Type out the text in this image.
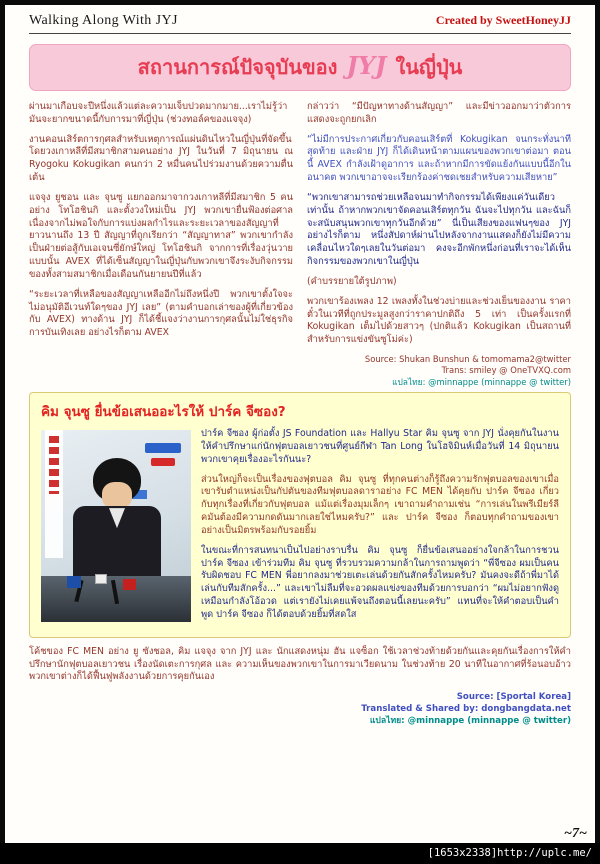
Walking Along With JYJ	Created by SweetHoneyJJ
สถานการณ์ปัจจุบันของ JYJ ในญี่ปุ่น

ผ่านมาเกือบจะปีหนึ่งแล้วแต่ละความเจ็บปวดมากมาย...เราไม่รู้ว่ามันจะยากขนาดนี้กับการมาที่ญี่ปุ่น (ช่วงทอล์คของแจจุง)

งานคอนเสิร์ตการกุศลสำหรับเหตุการณ์แผ่นดินไหวในญี่ปุ่นที่จัดขึ้นโดยวงเกาหลีที่มีสมาชิกสามคนอย่าง JYJ ในวันที่ 7 มิถุนายน ณ Ryogoku Kokugikan คนกว่า 2 หมื่นคนไปร่วมงานด้วยความตื่นเต้น

แจจุง ยูชอน และ จุนซู แยกออกมาจากวงเกาหลีที่มีสมาชิก 5 คนอย่าง โทโฮชินกิ และตั้งวงใหม่เป็น JYJ พวกเขายื่นฟ้องต่อศาลเนื่องจากไม่พอใจกับการแบ่งผลกำไรและระยะเวลาของสัญญาที่ยาวนานถึง 13 ปี สัญญาที่ถูกเรียกว่า “สัญญาทาส” พวกเขากำลังเป็นฝ่ายต่อสู้กับเอเจนซี่ยักษ์ใหญ่ โทโฮชินกิ จากการที่เรื่องวุ่นวายแบบนั้น AVEX ที่ได้เซ็นสัญญาในญี่ปุ่นกับพวกเขาจึงระงับกิจกรรมของทั้งสามสมาชิกเมื่อเดือนกันยายนปีที่แล้ว

“ระยะเวลาที่เหลือของสัญญาเหลืออีกไม่ถึงหนึ่งปี พวกเขาตั้งใจจะไม่อนุมัติอีเวนท์ใดๆของ JYJ เลย” (ตามคำบอกเล่าของผู้ที่เกี่ยวข้องกับ AVEX) ทางด้าน JYJ ก็ได้ชี้แจงว่างานการกุศลนั้นไม่ใช่ธุรกิจการบันเทิงเลย อย่างไรก็ตาม AVEX

กล่าวว่า “มีปัญหาทางด้านสัญญา” และมีข่าวออกมาว่าตัวการแสดงจะถูกยกเลิก

“ไม่มีการประกาศเกี่ยวกับคอนเสิร์ตที่ Kokugikan จนกระทั่งนาทีสุดท้าย และฝ่าย JYJ ก็ได้เดินหน้าตามแผนของพวกเขาต่อมา ตอนนี้ AVEX กำลังเฝ้าดูอาการ และถ้าหากมีการขัดแย้งกันแบบนี้อีกในอนาคต พวกเขาอาจจะเรียกร้องค่าชดเชยสำหรับความเสียหาย”

“พวกเขาสามารถช่วยเหลือจนมาทำกิจกรรมได้เพียงแค่วันเดียวเท่านั้น ถ้าหากพวกเขาจัดคอนเสิร์ตทุกวัน ฉันจะไปทุกวัน และฉันก็จะสนับสนุนพวกเขาทุกวันอีกด้วย” นี่เป็นเสียงของแฟนๆของ JYJ อย่างไรก็ตาม หนึ่งสัปดาห์ผ่านไปหลังจากงานแสดงก็ยังไม่มีความเคลื่อนไหวใดๆเลยในวันต่อมา คงจะอีกพักหนึ่งก่อนที่เราจะได้เห็นกิจกรรมของพวกเขาในญี่ปุ่น

(คำบรรยายใต้รูปภาพ)

พวกเขาร้องเพลง 12 เพลงทั้งในช่วงบ่ายและช่วงเย็นของงาน ราคาตั๋วในเวทีที่ถูกประมูลสูงกว่าราคาปกติถึง 5 เท่า เป็นครั้งแรกที่ Kokugikan เต็มไปด้วยสาวๆ (ปกติแล้ว Kokugikan เป็นสถานที่สำหรับการแข่งขันซูโม่ค่ะ)

Source: Shukan Bunshun & tomomama2@twitter
Trans: smiley @ OneTVXQ.com
แปลไทย: @minnappe (minnappe @ twitter)
คิม จุนซู ยื่นข้อเสนออะไรให้ ปาร์ค จีซอง?

ปาร์ค จีซอง ผู้ก่อตั้ง JS Foundation และ Hallyu Star คิม จุนซู จาก JYJ นั่งคุยกันในงานให้คำปรึกษาแก่นักฟุตบอลเยาวชนที่ศูนย์กีฬา Tan Long ในโฮจิมินห์เมื่อวันที่ 14 มิถุนายน พวกเขาคุยเรื่องอะไรกันนะ?

ส่วนใหญ่ก็จะเป็นเรื่องของฟุตบอล คิม จุนซู ที่ทุกคนต่างก็รู้ถึงความรักฟุตบอลของเขาเมื่อเขารับตำแหน่งเป็นกัปตันของทีมฟุตบอลดาราอย่าง FC MEN ได้คุยกับ ปาร์ค จีซอง เกี่ยวกับทุกเรื่องที่เกี่ยวกับฟุตบอล แม้แต่เรื่องมุมเล็กๆ เขาถามคำถามเช่น “การเล่นในพรีเมียร์ลีคมันต้องมีความกดดันมากเลยใช่ไหมครับ?” และ ปาร์ค จีซอง ก็ตอบทุกคำถามของเขาอย่างเป็นมิตรพร้อมกับรอยยิ้ม

ในขณะที่การสนทนาเป็นไปอย่างราบรื่น คิม จุนซู ก็ยื่นข้อเสนออย่างใจกล้าในการชวน ปาร์ค จีซอง เข้าร่วมทีม คิม จุนซู ที่รวบรวมความกล้าในการถามพูดว่า “พี่จีซอง ผมเป็นคนรับผิดชอบ FC MEN พี่อยากลงมาช่วยเตะเล่นด้วยกันสักครั้งไหมครับ? มันคงจะดีถ้าพี่มาได้เล่นกับทีมสักครั้ง...” และเขาไม่ลืมที่จะอวดผลแข่งของทีมด้วยการบอกว่า “ผมไม่อยากฟังดูเหมือนกำลังโอ้อวด แต่เรายังไม่เคยแพ้จนถึงตอนนี้เลยนะครับ” แทนที่จะให้คำตอบเป็นคำพูด ปาร์ค จีซอง ก็ได้ตอบด้วยยิ้มที่สดใส

โค้ชของ FC MEN อย่าง ยู ซังชอล, คิม แจจุง จาก JYJ และ นักแสดงหนุ่ม ฮัน แจซ็อก ใช้เวลาช่วงท้ายด้วยกันและคุยกันเรื่องการให้คำปรึกษานักฟุตบอลเยาวชน เรื่องนัดเตะการกุศล และ ความเห็นของพวกเขาในการมาเวียดนาม ในช่วงท้าย 20 นาทีในอากาศที่ร้อนอบอ้าว พวกเขาต่างก็ได้ฟื้นฟูพลังงานด้วยการคุยกันเอง

Source: [Sportal Korea]
Translated & Shared by: dongbangdata.net
แปลไทย: @minnappe (minnappe @ twitter)
~7~
[1653x2338]http://uplc.me/
